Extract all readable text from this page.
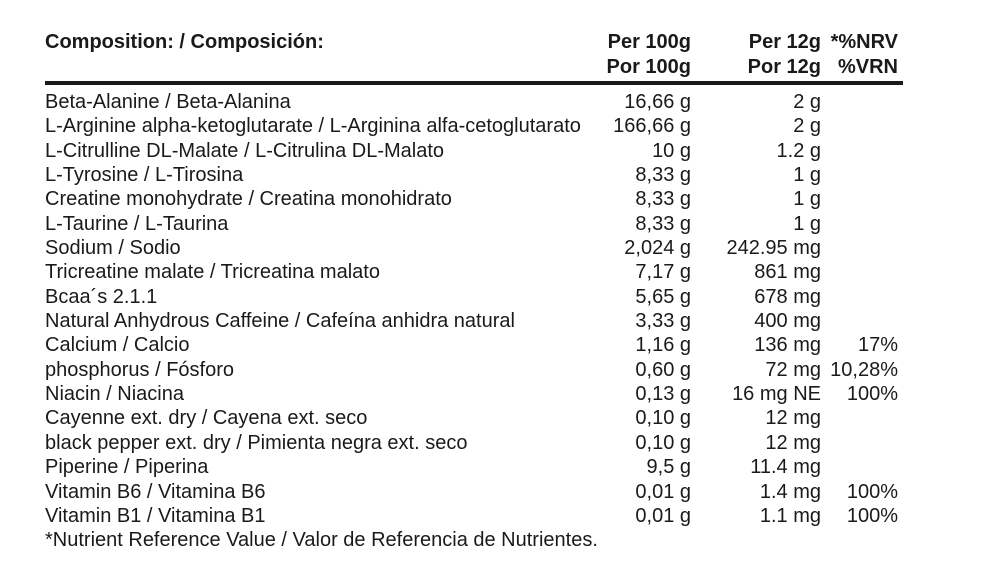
Composition: / Composición:	Per 100g	Per 12g *%NRV
Por 100g	Por 12g %VRN
Beta-Alanine / Beta-Alanina	16,66 g	2 g
L-Arginine alpha-ketoglutarate / L-Arginina alfa-cetoglutarato	166,66 g	2 g
L-Citrulline DL-Malate / L-Citrulina DL-Malato	10 g	1.2 g
L-Tyrosine / L-Tirosina	8,33 g	1 g
Creatine monohydrate / Creatina monohidrato	8,33 g	1 g
L-Taurine / L-Taurina	8,33 g	1 g
Sodium / Sodio	2,024 g	242.95 mg
Tricreatine malate / Tricreatina malato	7,17 g	861 mg
Bcaa´s 2.1.1	5,65 g	678 mg
Natural Anhydrous Caffeine / Cafeína anhidra natural	3,33 g	400 mg
Calcium / Calcio	1,16 g	136 mg	17%
phosphorus / Fósforo	0,60 g	72 mg 10,28%
Niacin / Niacina	0,13 g	16 mg NE	100%
Cayenne ext. dry / Cayena ext. seco	0,10 g	12 mg
black pepper ext. dry / Pimienta negra ext. seco	0,10 g	12 mg
Piperine / Piperina	9,5 g	11.4 mg
Vitamin B6 / Vitamina B6	0,01 g	1.4 mg	100%
Vitamin B1 / Vitamina B1	0,01 g	1.1 mg	100%
*Nutrient Reference Value / Valor de Referencia de Nutrientes.
